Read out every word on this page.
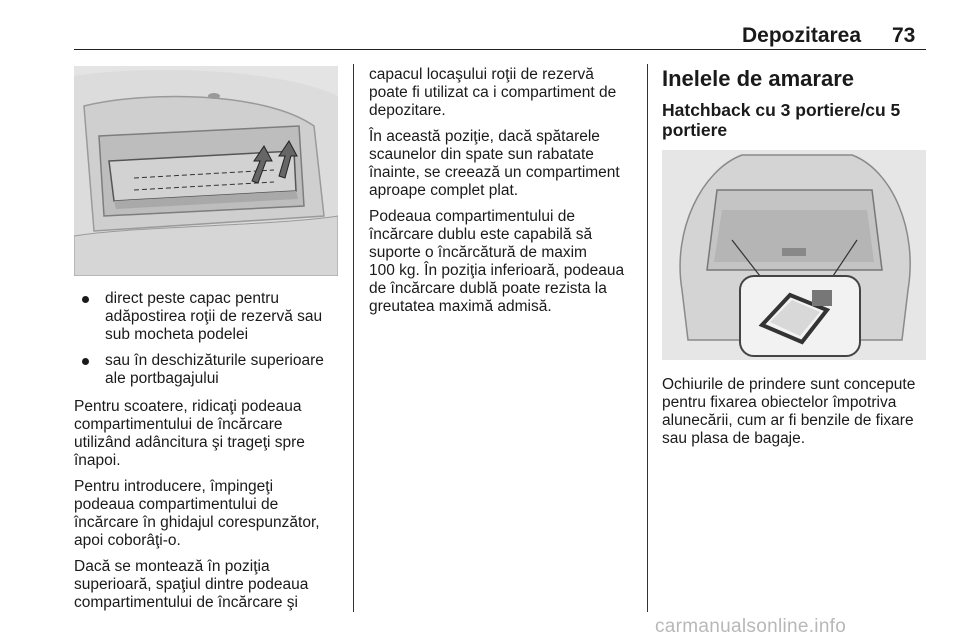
Depozitarea 73
direct peste capac pentru
adăpostirea roţii de rezervă sau
sub mocheta podelei
sau în deschizăturile superioare
ale portbagajului

Pentru scoatere, ridicaţi podeaua
compartimentului de încărcare
utilizând adâncitura şi trageţi spre
înapoi.

Pentru introducere, împingeţi
podeaua compartimentului de
încărcare în ghidajul corespunzător,
apoi coborâţi-o.

Dacă se montează în poziţia
superioară, spaţiul dintre podeaua
compartimentului de încărcare şi

capacul locaşului roţii de rezervă
poate fi utilizat ca i compartiment de
depozitare.

În această poziţie, dacă spătarele
scaunelor din spate sun rabatate
înainte, se creează un compartiment
aproape complet plat.

Podeaua compartimentului de
încărcare dublu este capabilă să
suporte o încărcătură de maxim
100 kg. În poziţia inferioară, podeaua
de încărcare dublă poate rezista la
greutatea maximă admisă.

Inelele de amarare
Hatchback cu 3 portiere/cu 5
portiere

Ochiurile de prindere sunt concepute
pentru fixarea obiectelor împotriva
alunecării, cum ar fi benzile de fixare
sau plasa de bagaje.

carmanualsonline.info
